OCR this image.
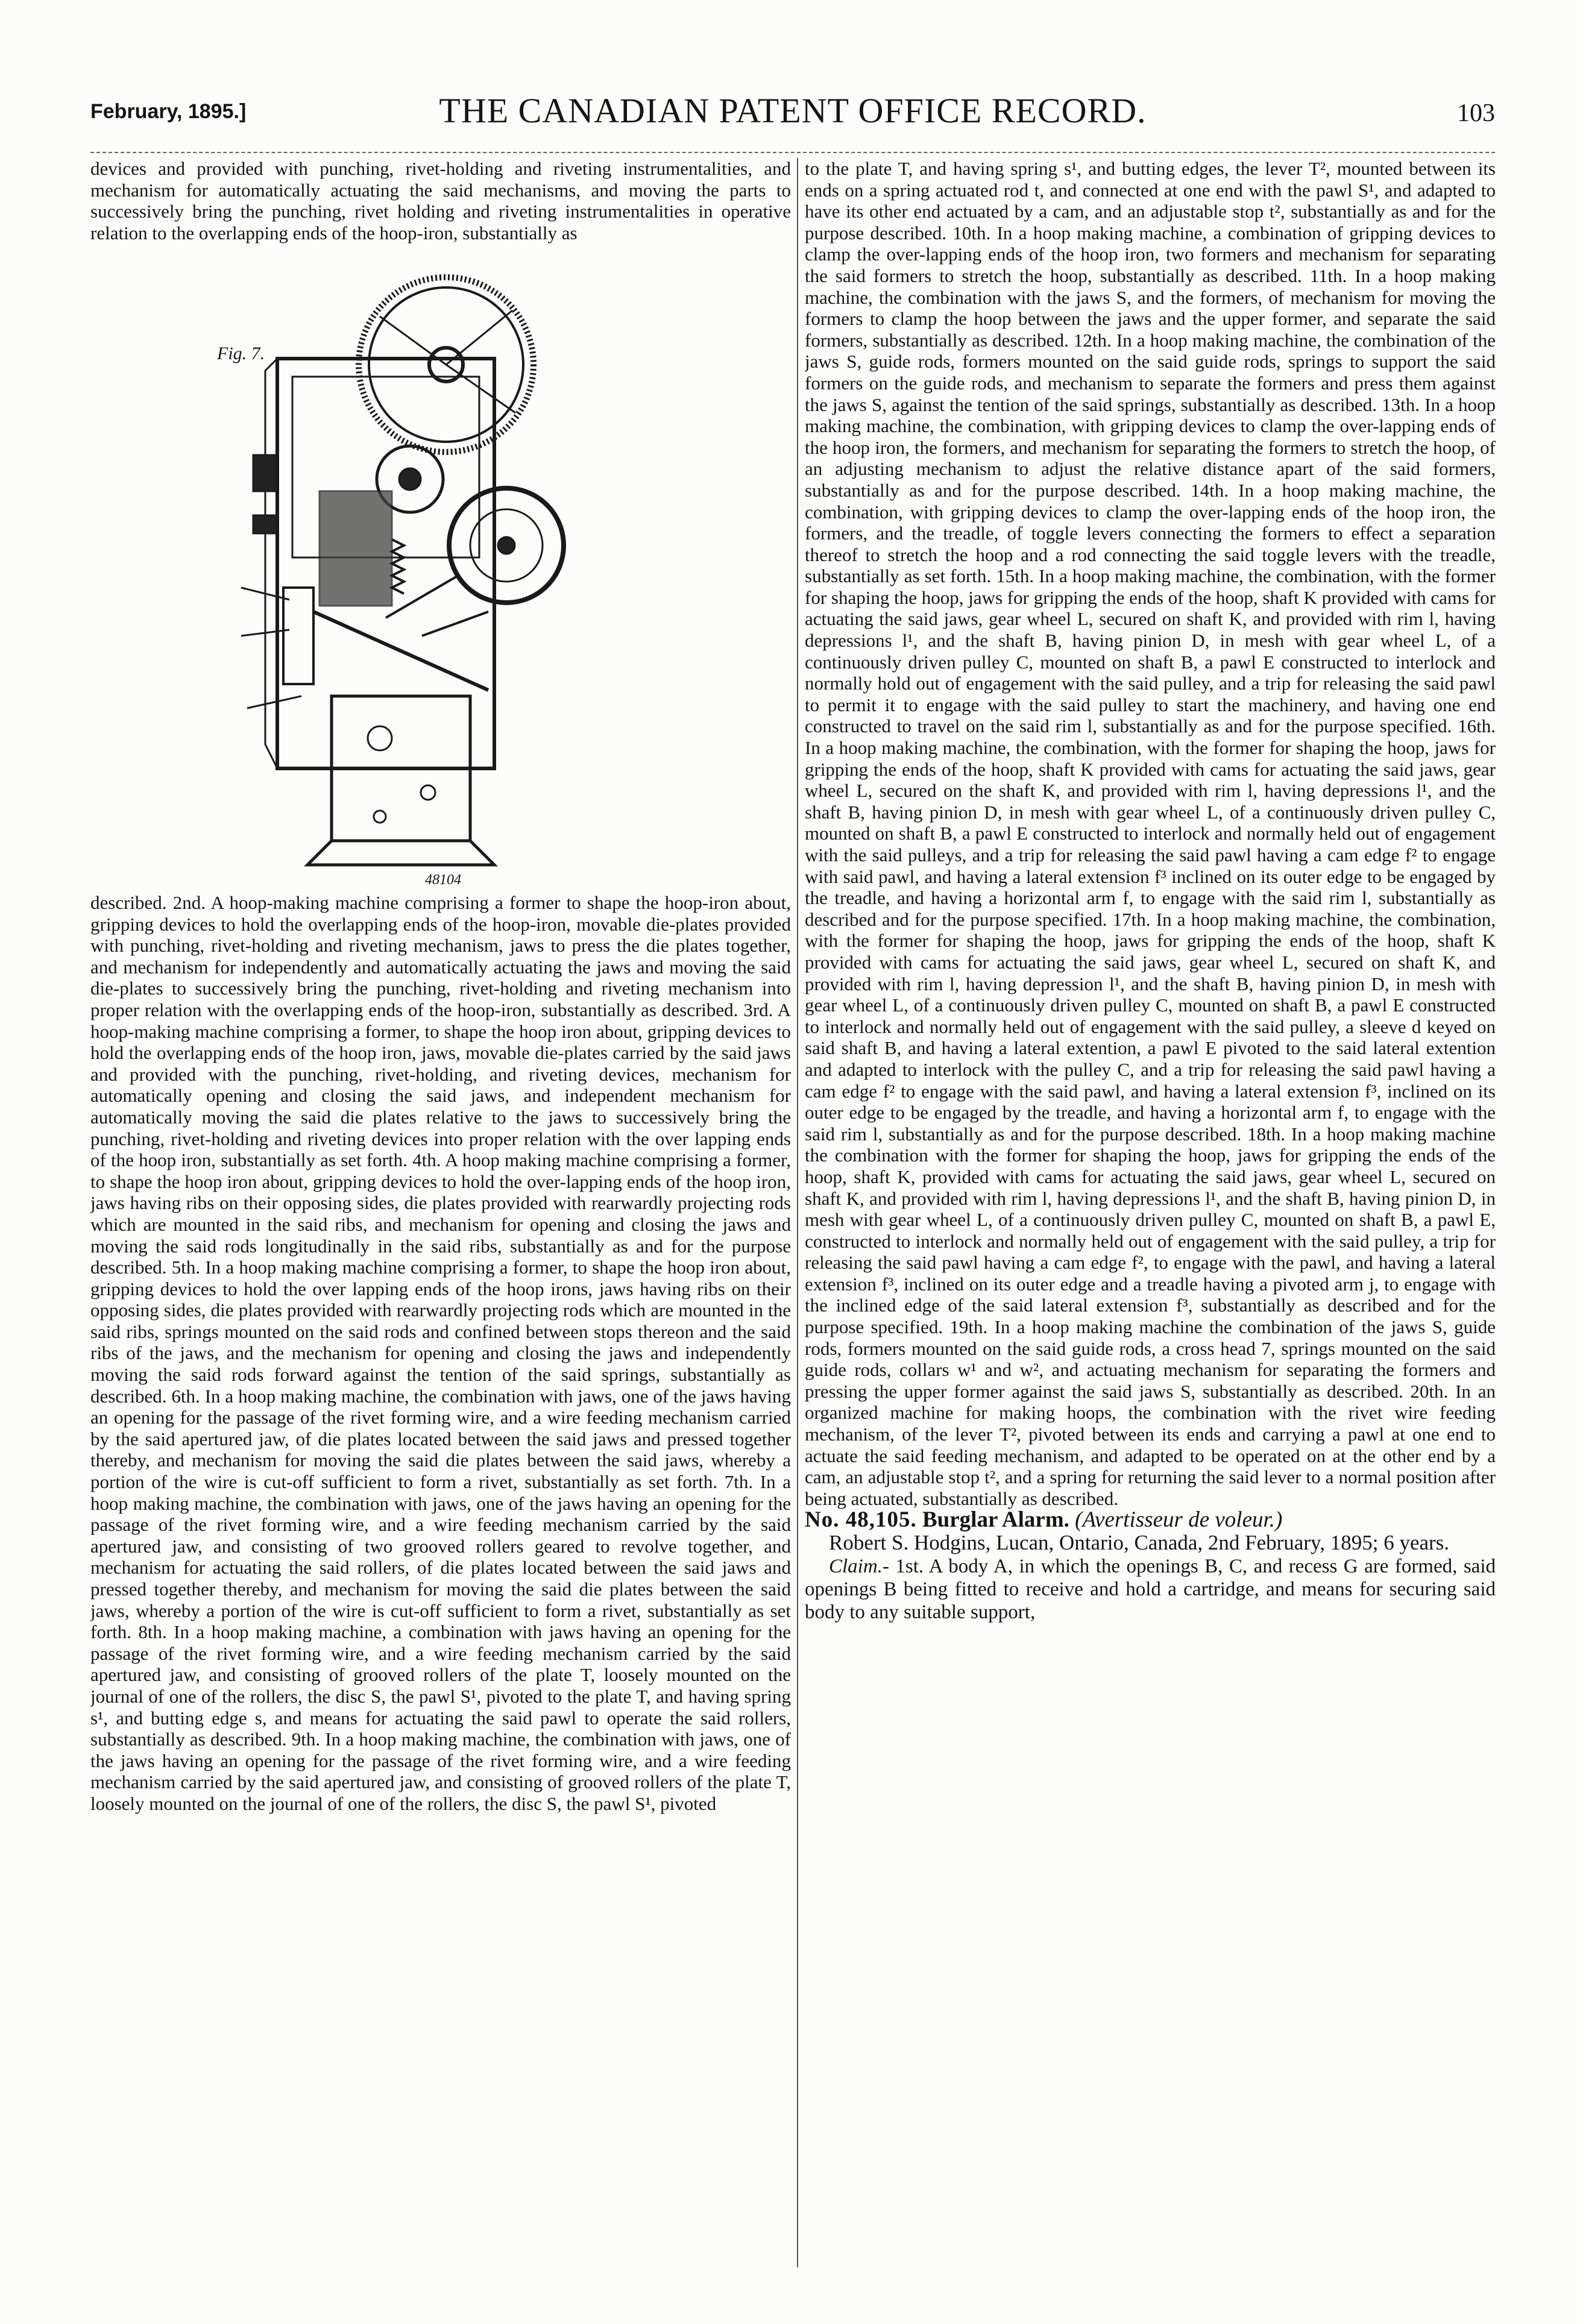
February, 1895.]	THE CANADIAN PATENT OFFICE RECORD.	103

devices and provided with punching, rivet-holding and riveting instrumentalities, and mechanism for automatically actuating the said mechanisms, and moving the parts to successively bring the punching, rivet holding and riveting instrumentalities in operative relation to the overlapping ends of the hoop-iron, substantially as

Fig. 7.
48104

described. 2nd. A hoop-making machine comprising a former to shape the hoop-iron about, gripping devices to hold the overlapping ends of the hoop-iron, movable die-plates provided with punching, rivet-holding and riveting mechanism, jaws to press the die plates together, and mechanism for independently and automatically actuating the jaws and moving the said die-plates to successively bring the punching, rivet-holding and riveting mechanism into proper relation with the overlapping ends of the hoop-iron, substantially as described. 3rd. A hoop-making machine comprising a former, to shape the hoop iron about, gripping devices to hold the overlapping ends of the hoop iron, jaws, movable die-plates carried by the said jaws and provided with the punching, rivet-holding, and riveting devices, mechanism for automatically opening and closing the said jaws, and independent mechanism for automatically moving the said die plates relative to the jaws to successively bring the punching, rivet-holding and riveting devices into proper relation with the over lapping ends of the hoop iron, substantially as set forth. 4th. A hoop making machine comprising a former, to shape the hoop iron about, gripping devices to hold the over-lapping ends of the hoop iron, jaws having ribs on their opposing sides, die plates provided with rearwardly projecting rods which are mounted in the said ribs, and mechanism for opening and closing the jaws and moving the said rods longitudinally in the said ribs, substantially as and for the purpose described. 5th. In a hoop making machine comprising a former, to shape the hoop iron about, gripping devices to hold the over lapping ends of the hoop irons, jaws having ribs on their opposing sides, die plates provided with rearwardly projecting rods which are mounted in the said ribs, springs mounted on the said rods and confined between stops thereon and the said ribs of the jaws, and the mechanism for opening and closing the jaws and independently moving the said rods forward against the tention of the said springs, substantially as described. 6th. In a hoop making machine, the combination with jaws, one of the jaws having an opening for the passage of the rivet forming wire, and a wire feeding mechanism carried by the said apertured jaw, of die plates located between the said jaws and pressed together thereby, and mechanism for moving the said die plates between the said jaws, whereby a portion of the wire is cut-off sufficient to form a rivet, substantially as set forth. 7th. In a hoop making machine, the combination with jaws, one of the jaws having an opening for the passage of the rivet forming wire, and a wire feeding mechanism carried by the said apertured jaw, and consisting of two grooved rollers geared to revolve together, and mechanism for actuating the said rollers, of die plates located between the said jaws and pressed together thereby, and mechanism for moving the said die plates between the said jaws, whereby a portion of the wire is cut-off sufficient to form a rivet, substantially as set forth. 8th. In a hoop making machine, a combination with jaws having an opening for the passage of the rivet forming wire, and a wire feeding mechanism carried by the said apertured jaw, and consisting of grooved rollers of the plate T, loosely mounted on the journal of one of the rollers, the disc S, the pawl S¹, pivoted to the plate T, and having spring s¹, and butting edge s, and means for actuating the said pawl to operate the said rollers, substantially as described. 9th. In a hoop making machine, the combination with jaws, one of the jaws having an opening for the passage of the rivet forming wire, and a wire feeding mechanism carried by the said apertured jaw, and consisting of grooved rollers of the plate T, loosely mounted on the journal of one of the rollers, the disc S, the pawl S¹, pivoted

to the plate T, and having spring s¹, and butting edges, the lever T², mounted between its ends on a spring actuated rod t, and connected at one end with the pawl S¹, and adapted to have its other end actuated by a cam, and an adjustable stop t², substantially as and for the purpose described. 10th. In a hoop making machine, a combination of gripping devices to clamp the over-lapping ends of the hoop iron, two formers and mechanism for separating the said formers to stretch the hoop, substantially as described. 11th. In a hoop making machine, the combination with the jaws S, and the formers, of mechanism for moving the formers to clamp the hoop between the jaws and the upper former, and separate the said formers, substantially as described. 12th. In a hoop making machine, the combination of the jaws S, guide rods, formers mounted on the said guide rods, springs to support the said formers on the guide rods, and mechanism to separate the formers and press them against the jaws S, against the tention of the said springs, substantially as described. 13th. In a hoop making machine, the combination, with gripping devices to clamp the over-lapping ends of the hoop iron, the formers, and mechanism for separating the formers to stretch the hoop, of an adjusting mechanism to adjust the relative distance apart of the said formers, substantially as and for the purpose described. 14th. In a hoop making machine, the combination, with gripping devices to clamp the over-lapping ends of the hoop iron, the formers, and the treadle, of toggle levers connecting the formers to effect a separation thereof to stretch the hoop and a rod connecting the said toggle levers with the treadle, substantially as set forth. 15th. In a hoop making machine, the combination, with the former for shaping the hoop, jaws for gripping the ends of the hoop, shaft K provided with cams for actuating the said jaws, gear wheel L, secured on shaft K, and provided with rim l, having depressions l¹, and the shaft B, having pinion D, in mesh with gear wheel L, of a continuously driven pulley C, mounted on shaft B, a pawl E constructed to interlock and normally hold out of engagement with the said pulley, and a trip for releasing the said pawl to permit it to engage with the said pulley to start the machinery, and having one end constructed to travel on the said rim l, substantially as and for the purpose specified. 16th. In a hoop making machine, the combination, with the former for shaping the hoop, jaws for gripping the ends of the hoop, shaft K provided with cams for actuating the said jaws, gear wheel L, secured on the shaft K, and provided with rim l, having depressions l¹, and the shaft B, having pinion D, in mesh with gear wheel L, of a continuously driven pulley C, mounted on shaft B, a pawl E constructed to interlock and normally held out of engagement with the said pulleys, and a trip for releasing the said pawl having a cam edge f² to engage with said pawl, and having a lateral extension f³ inclined on its outer edge to be engaged by the treadle, and having a horizontal arm f, to engage with the said rim l, substantially as described and for the purpose specified. 17th. In a hoop making machine, the combination, with the former for shaping the hoop, jaws for gripping the ends of the hoop, shaft K provided with cams for actuating the said jaws, gear wheel L, secured on shaft K, and provided with rim l, having depression l¹, and the shaft B, having pinion D, in mesh with gear wheel L, of a continuously driven pulley C, mounted on shaft B, a pawl E constructed to interlock and normally held out of engagement with the said pulley, a sleeve d keyed on said shaft B, and having a lateral extention, a pawl E pivoted to the said lateral extention and adapted to interlock with the pulley C, and a trip for releasing the said pawl having a cam edge f² to engage with the said pawl, and having a lateral extension f³, inclined on its outer edge to be engaged by the treadle, and having a horizontal arm f, to engage with the said rim l, substantially as and for the purpose described. 18th. In a hoop making machine the combination with the former for shaping the hoop, jaws for gripping the ends of the hoop, shaft K, provided with cams for actuating the said jaws, gear wheel L, secured on shaft K, and provided with rim l, having depressions l¹, and the shaft B, having pinion D, in mesh with gear wheel L, of a continuously driven pulley C, mounted on shaft B, a pawl E, constructed to interlock and normally held out of engagement with the said pulley, a trip for releasing the said pawl having a cam edge f², to engage with the pawl, and having a lateral extension f³, inclined on its outer edge and a treadle having a pivoted arm j, to engage with the inclined edge of the said lateral extension f³, substantially as described and for the purpose specified. 19th. In a hoop making machine the combination of the jaws S, guide rods, formers mounted on the said guide rods, a cross head 7, springs mounted on the said guide rods, collars w¹ and w², and actuating mechanism for separating the formers and pressing the upper former against the said jaws S, substantially as described. 20th. In an organized machine for making hoops, the combination with the rivet wire feeding mechanism, of the lever T², pivoted between its ends and carrying a pawl at one end to actuate the said feeding mechanism, and adapted to be operated on at the other end by a cam, an adjustable stop t², and a spring for returning the said lever to a normal position after being actuated, substantially as described.

No. 48,105. Burglar Alarm. (Avertisseur de voleur.)

Robert S. Hodgins, Lucan, Ontario, Canada, 2nd February, 1895; 6 years.

Claim.- 1st. A body A, in which the openings B, C, and recess G are formed, said openings B being fitted to receive and hold a cartridge, and means for securing said body to any suitable support,
